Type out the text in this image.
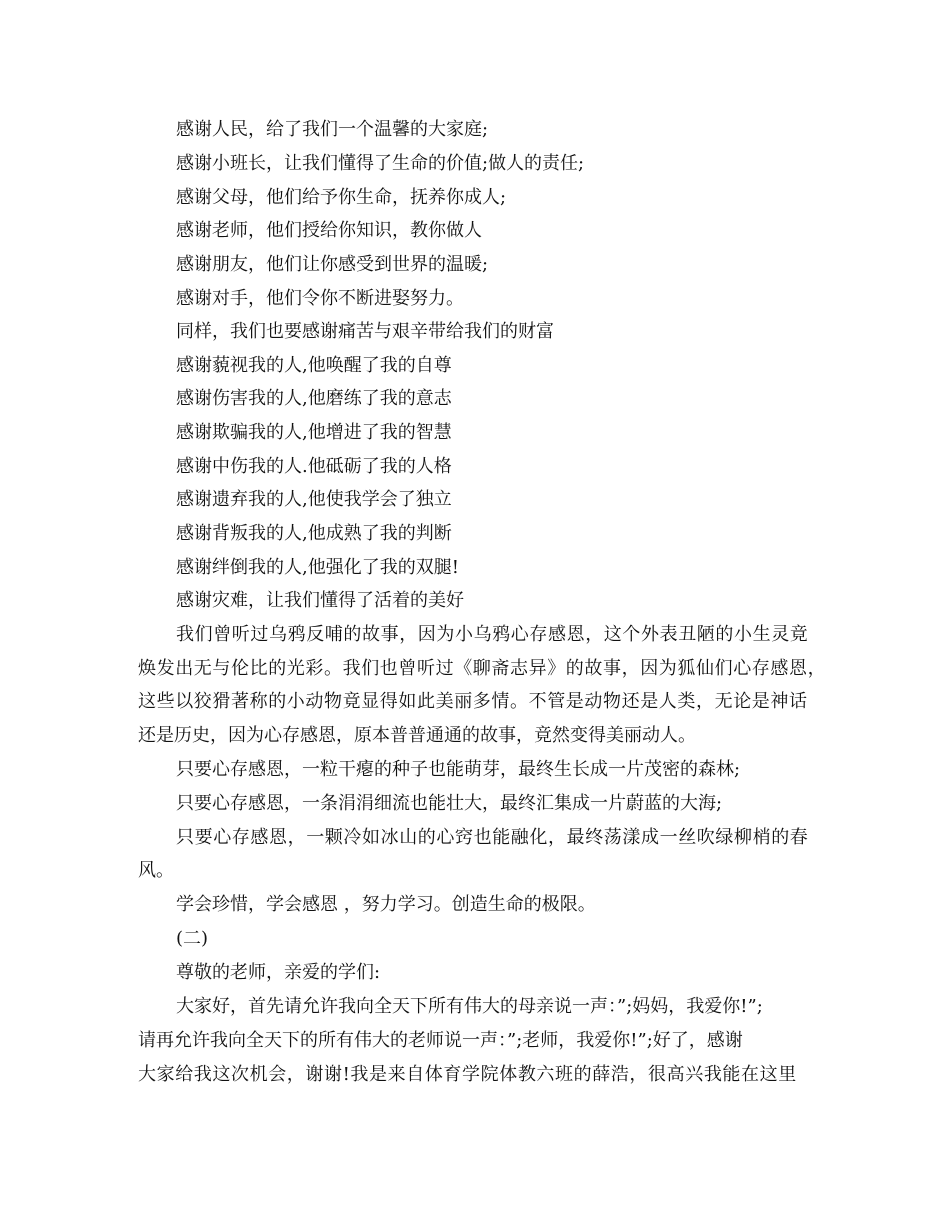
感谢人民，给了我们一个温馨的大家庭;
感谢小班长，让我们懂得了生命的价值;做人的责任;
感谢父母，他们给予你生命，抚养你成人;
感谢老师，他们授给你知识，教你做人
感谢朋友，他们让你感受到世界的温暖;
感谢对手，他们令你不断进娶努力。
同样，我们也要感谢痛苦与艰辛带给我们的财富
感谢藐视我的人,他唤醒了我的自尊
感谢伤害我的人,他磨练了我的意志
感谢欺骗我的人,他增进了我的智慧
感谢中伤我的人.他砥砺了我的人格
感谢遗弃我的人,他使我学会了独立
感谢背叛我的人,他成熟了我的判断
感谢绊倒我的人,他强化了我的双腿!
感谢灾难，让我们懂得了活着的美好
我们曾听过乌鸦反哺的故事，因为小乌鸦心存感恩，这个外表丑陋的小生灵竟
焕发出无与伦比的光彩。我们也曾听过《聊斋志异》的故事，因为狐仙们心存感恩，
这些以狡猾著称的小动物竟显得如此美丽多情。不管是动物还是人类，无论是神话
还是历史，因为心存感恩，原本普普通通的故事，竟然变得美丽动人。
只要心存感恩，一粒干瘪的种子也能萌芽，最终生长成一片茂密的森林;
只要心存感恩，一条涓涓细流也能壮大，最终汇集成一片蔚蓝的大海;
只要心存感恩，一颗冷如冰山的心窍也能融化，最终荡漾成一丝吹绿柳梢的春
风。
学会珍惜，学会感恩 ，努力学习。创造生命的极限。
(二)
尊敬的老师，亲爱的学们:
大家好，首先请允许我向全天下所有伟大的母亲说一声：”;妈妈，我爱你!”;
请再允许我向全天下的所有伟大的老师说一声：”;老师，我爱你!”;好了，感谢
大家给我这次机会，谢谢!我是来自体育学院体教六班的薛浩，很高兴我能在这里
